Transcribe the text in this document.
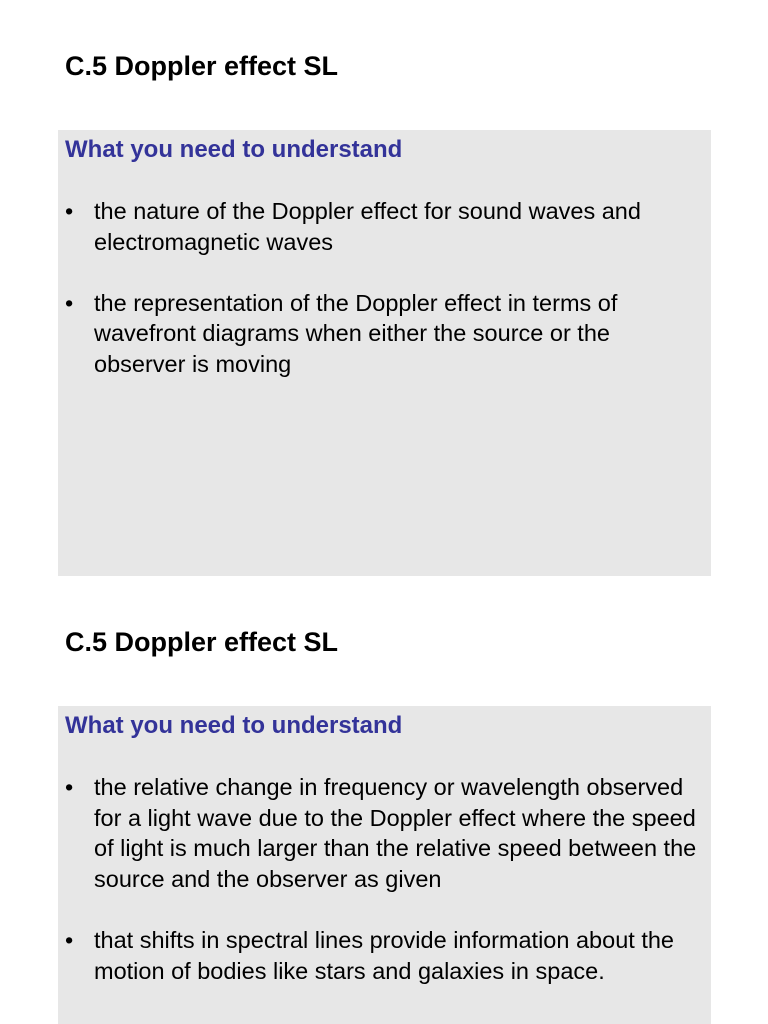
C.5 Doppler effect SL
What you need to understand
• the nature of the Doppler effect for sound waves and electromagnetic waves
• the representation of the Doppler effect in terms of wavefront diagrams when either the source or the observer is moving
C.5 Doppler effect SL
What you need to understand
• the relative change in frequency or wavelength observed for a light wave due to the Doppler effect where the speed of light is much larger than the relative speed between the source and the observer as given
• that shifts in spectral lines provide information about the motion of bodies like stars and galaxies in space.
